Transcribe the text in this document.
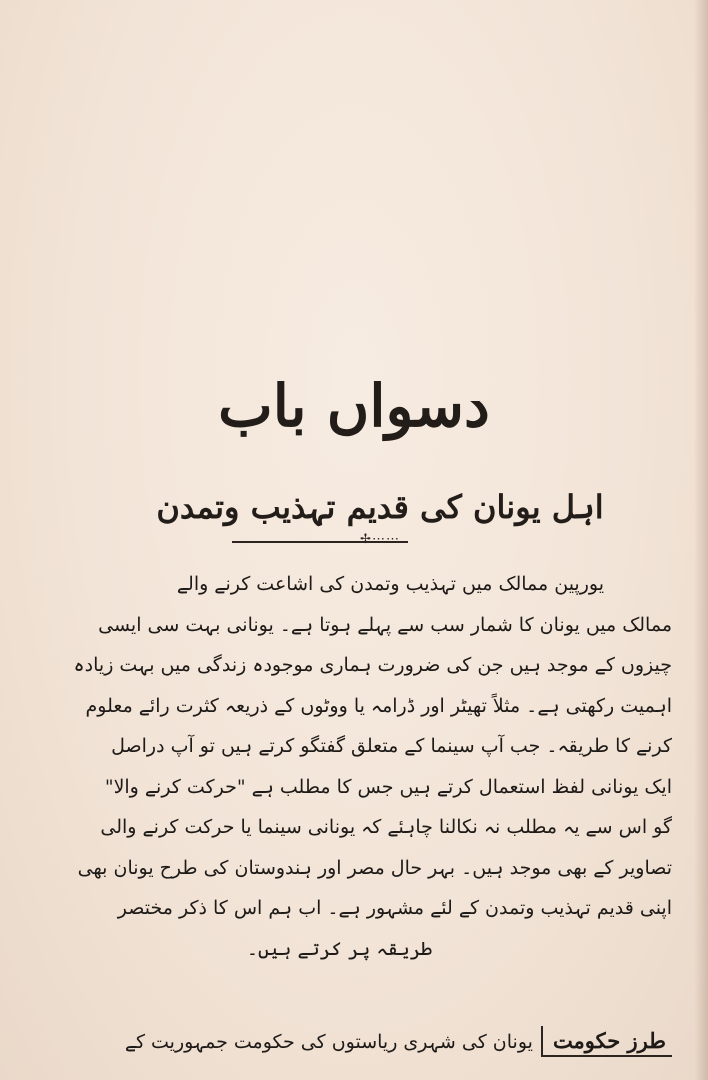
دسواں باب
اہل یونان کی قدیم تہذیب وتمدن
✢⋯⋯
یورپین ممالک میں تہذیب وتمدن کی اشاعت کرنے والے
ممالک میں یونان کا شمار سب سے پہلے ہوتا ہے۔ یونانی بہت سی ایسی
چیزوں کے موجد ہیں جن کی ضرورت ہماری موجودہ زندگی میں بہت زیادہ
اہمیت رکھتی ہے۔ مثلاً تھیٹر اور ڈرامہ یا ووٹوں کے ذریعہ کثرت رائے معلوم
کرنے کا طریقہ۔ جب آپ سینما کے متعلق گفتگو کرتے ہیں تو آپ دراصل
ایک یونانی لفظ استعمال کرتے ہیں جس کا مطلب ہے "حرکت کرنے والا"
گو اس سے یہ مطلب نہ نکالنا چاہئے کہ یونانی سینما یا حرکت کرنے والی
تصاویر کے بھی موجد ہیں۔ بہر حال مصر اور ہندوستان کی طرح یونان بھی
اپنی قدیم تہذیب وتمدن کے لئے مشہور ہے۔ اب ہم اس کا ذکر مختصر
طریقہ پر کرتے ہیں۔
طرز حکومت
یونان کی شہری ریاستوں کی حکومت جمہوریت کے
